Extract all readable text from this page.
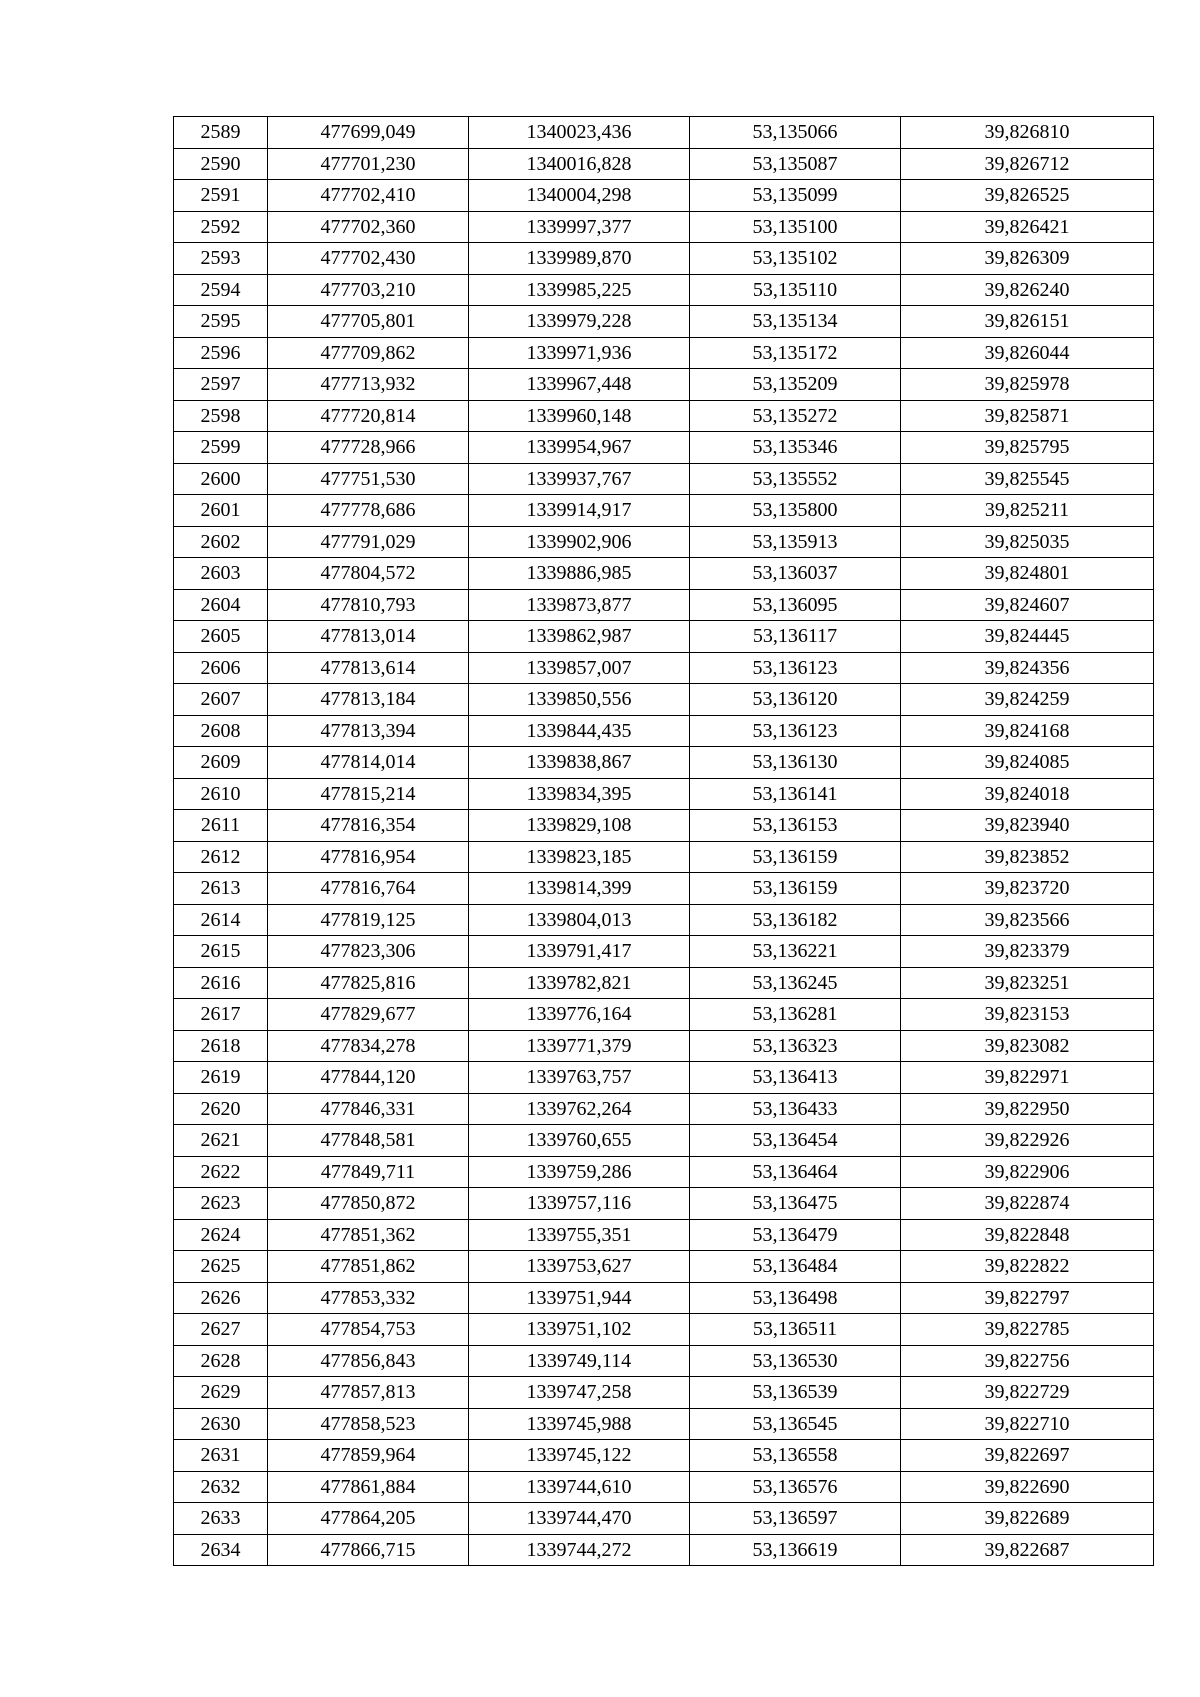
2589	477699,049	1340023,436	53,135066	39,826810
2590	477701,230	1340016,828	53,135087	39,826712
2591	477702,410	1340004,298	53,135099	39,826525
2592	477702,360	1339997,377	53,135100	39,826421
2593	477702,430	1339989,870	53,135102	39,826309
2594	477703,210	1339985,225	53,135110	39,826240
2595	477705,801	1339979,228	53,135134	39,826151
2596	477709,862	1339971,936	53,135172	39,826044
2597	477713,932	1339967,448	53,135209	39,825978
2598	477720,814	1339960,148	53,135272	39,825871
2599	477728,966	1339954,967	53,135346	39,825795
2600	477751,530	1339937,767	53,135552	39,825545
2601	477778,686	1339914,917	53,135800	39,825211
2602	477791,029	1339902,906	53,135913	39,825035
2603	477804,572	1339886,985	53,136037	39,824801
2604	477810,793	1339873,877	53,136095	39,824607
2605	477813,014	1339862,987	53,136117	39,824445
2606	477813,614	1339857,007	53,136123	39,824356
2607	477813,184	1339850,556	53,136120	39,824259
2608	477813,394	1339844,435	53,136123	39,824168
2609	477814,014	1339838,867	53,136130	39,824085
2610	477815,214	1339834,395	53,136141	39,824018
2611	477816,354	1339829,108	53,136153	39,823940
2612	477816,954	1339823,185	53,136159	39,823852
2613	477816,764	1339814,399	53,136159	39,823720
2614	477819,125	1339804,013	53,136182	39,823566
2615	477823,306	1339791,417	53,136221	39,823379
2616	477825,816	1339782,821	53,136245	39,823251
2617	477829,677	1339776,164	53,136281	39,823153
2618	477834,278	1339771,379	53,136323	39,823082
2619	477844,120	1339763,757	53,136413	39,822971
2620	477846,331	1339762,264	53,136433	39,822950
2621	477848,581	1339760,655	53,136454	39,822926
2622	477849,711	1339759,286	53,136464	39,822906
2623	477850,872	1339757,116	53,136475	39,822874
2624	477851,362	1339755,351	53,136479	39,822848
2625	477851,862	1339753,627	53,136484	39,822822
2626	477853,332	1339751,944	53,136498	39,822797
2627	477854,753	1339751,102	53,136511	39,822785
2628	477856,843	1339749,114	53,136530	39,822756
2629	477857,813	1339747,258	53,136539	39,822729
2630	477858,523	1339745,988	53,136545	39,822710
2631	477859,964	1339745,122	53,136558	39,822697
2632	477861,884	1339744,610	53,136576	39,822690
2633	477864,205	1339744,470	53,136597	39,822689
2634	477866,715	1339744,272	53,136619	39,822687
